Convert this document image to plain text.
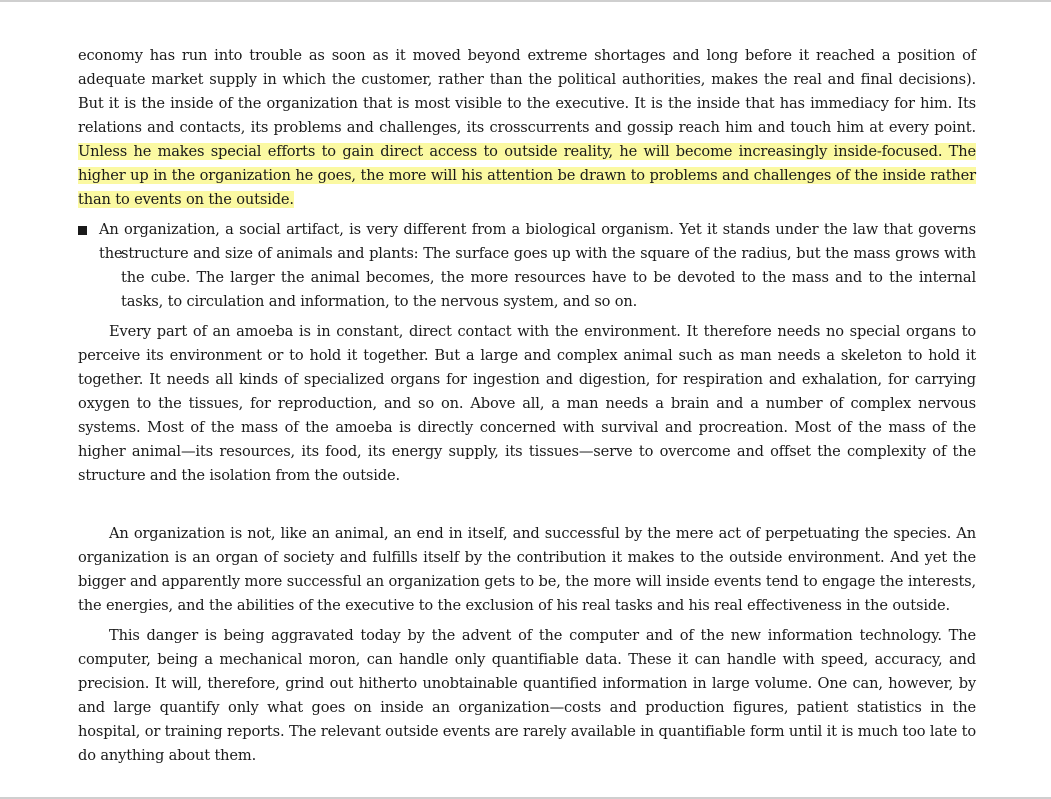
economy has run into trouble as soon as it moved beyond extreme shortages and long before it reached a position of adequate market supply in which the customer, rather than the political authorities, makes the real and final decisions). But it is the inside of the organization that is most visible to the executive. It is the inside that has immediacy for him. Its relations and contacts, its problems and challenges, its crosscurrents and gossip reach him and touch him at every point. Unless he makes special efforts to gain direct access to outside reality, he will become increasingly inside-focused. The higher up in the organization he goes, the more will his attention be drawn to problems and challenges of the inside rather than to events on the outside.

An organization, a social artifact, is very different from a biological organism. Yet it stands under the law that governs the
structure and size of animals and plants: The surface goes up with the square of the radius, but the mass grows with the cube. The larger the animal becomes, the more resources have to be devoted to the mass and to the internal tasks, to circulation and information, to the nervous system, and so on.

Every part of an amoeba is in constant, direct contact with the environment. It therefore needs no special organs to perceive its environment or to hold it together. But a large and complex animal such as man needs a skeleton to hold it together. It needs all kinds of specialized organs for ingestion and digestion, for respiration and exhalation, for carrying oxygen to the tissues, for reproduction, and so on. Above all, a man needs a brain and a number of complex nervous systems. Most of the mass of the amoeba is directly concerned with survival and procreation. Most of the mass of the higher animal—its resources, its food, its energy supply, its tissues—serve to overcome and offset the complexity of the structure and the isolation from the outside.

An organization is not, like an animal, an end in itself, and successful by the mere act of perpetuating the species. An organization is an organ of society and fulfills itself by the contribution it makes to the outside environment. And yet the bigger and apparently more successful an organization gets to be, the more will inside events tend to engage the interests, the energies, and the abilities of the executive to the exclusion of his real tasks and his real effectiveness in the outside.

This danger is being aggravated today by the advent of the computer and of the new information technology. The computer, being a mechanical moron, can handle only quantifiable data. These it can handle with speed, accuracy, and precision. It will, therefore, grind out hitherto unobtainable quantified information in large volume. One can, however, by and large quantify only what goes on inside an organization—costs and production figures, patient statistics in the hospital, or training reports. The relevant outside events are rarely available in quantifiable form until it is much too late to do anything about them.
